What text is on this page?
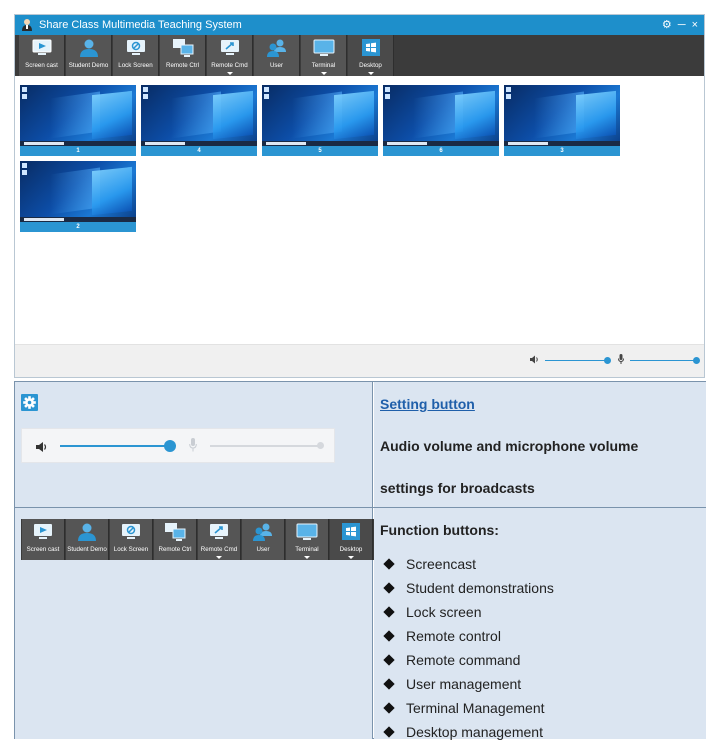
Share Class Multimedia Teaching System	⚙ ─ ×
Screen cast Student Demo Lock Screen Remote Ctrl Remote Cmd	User	Terminal	Desktop
1	4	5	6	3
2
Setting button
Audio volume and microphone volume
settings for broadcasts
Screen cast Student Demo Lock Screen Remote Ctrl Remote Cmd	User	Terminal	Desktop
Function buttons:
Screencast
Student demonstrations
Lock screen
Remote control
Remote command
User management
Terminal Management
Desktop management
